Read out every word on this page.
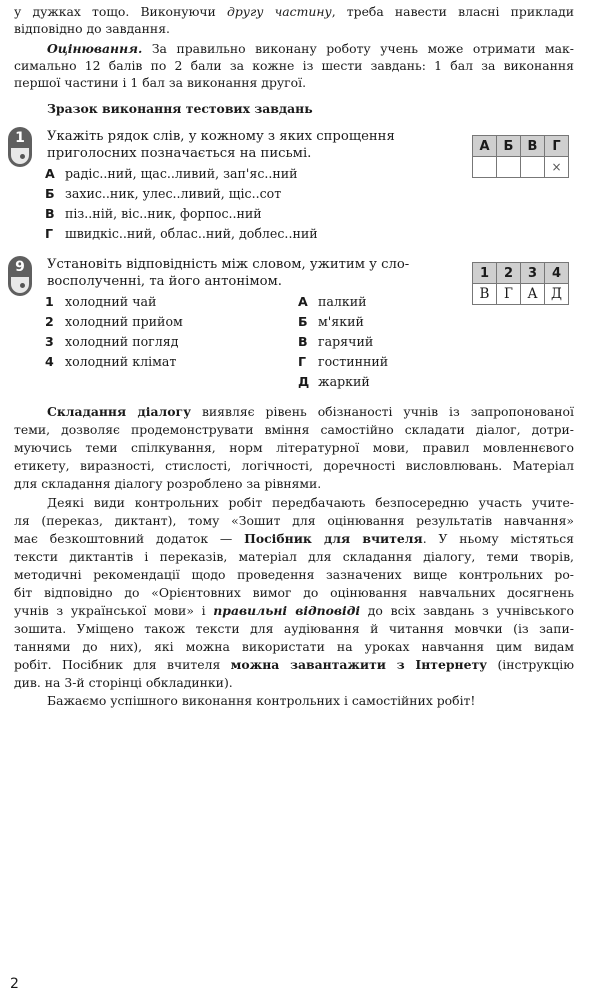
у дужках тощо. Виконуючи другу частину, треба навести власні приклади
відповідно до завдання.
Оцінювання. За правильно виконану роботу учень може отримати мак-
симально 12 балів по 2 бали за кожне із шести завдань: 1 бал за виконання
першої частини і 1 бал за виконання другої.
Зразок виконання тестових завдань
1	Укажіть рядок слів, у кожному з яких спрощення
приголосних позначається на письмі.
А радіс..ний, щас..ливий, зап'яс..ний
Б захис..ник, улес..ливий, щіс..сот
В піз..ній, віс..ник, форпос..ний
Г швидкіс..ний, облас..ний, доблес..ний
А	Б	В	Г
			×
9	Установіть відповідність між словом, ужитим у сло-
восполученні, та його антонімом.
1 холодний чай
2 холодний прийом
3 холодний погляд
4 холодний клімат
А палкий
Б м'який
В гарячий
Г гостинний
Д жаркий
1	2	3	4
В	Г	А	Д
Складання діалогу виявляє рівень обізнаності учнів із запропонованої
теми, дозволяє продемонструвати вміння самостійно складати діалог, дотри-
муючись теми спілкування, норм літературної мови, правил мовленнєвого
етикету, виразності, стислості, логічності, доречності висловлювань. Матеріал
для складання діалогу розроблено за рівнями.
Деякі види контрольних робіт передбачають безпосередню участь учите-
ля (переказ, диктант), тому «Зошит для оцінювання результатів навчання»
має безкоштовний додаток — Посібник для вчителя. У ньому містяться
тексти диктантів і переказів, матеріал для складання діалогу, теми творів,
методичні рекомендації щодо проведення зазначених вище контрольних ро-
біт відповідно до «Орієнтовних вимог до оцінювання навчальних досягнень
учнів з української мови» і правильні відповіді до всіх завдань з учнівського
зошита. Уміщено також тексти для аудіювання й читання мовчки (із запи-
таннями до них), які можна використати на уроках навчання цим видам
робіт. Посібник для вчителя можна завантажити з Інтернету (інструкцію
див. на 3-й сторінці обкладинки).
Бажаємо успішного виконання контрольних і самостійних робіт!
2
